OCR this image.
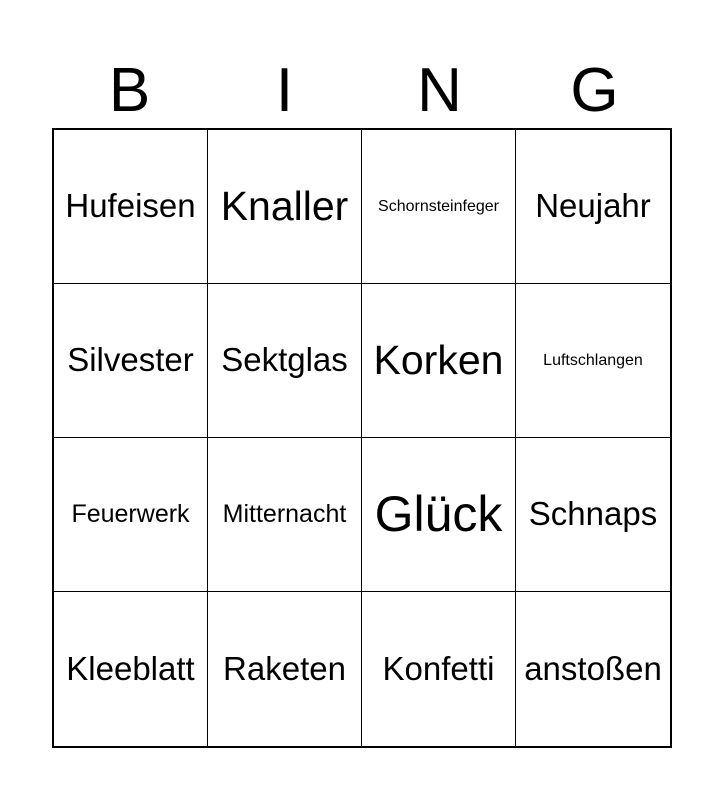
B	I	N	G
Hufeisen Knaller Schornsteinfeger Neujahr
Silvester Sektglas Korken Luftschlangen
Feuerwerk Mitternacht Glück Schnaps
Kleeblatt Raketen Konfetti anstoßen
